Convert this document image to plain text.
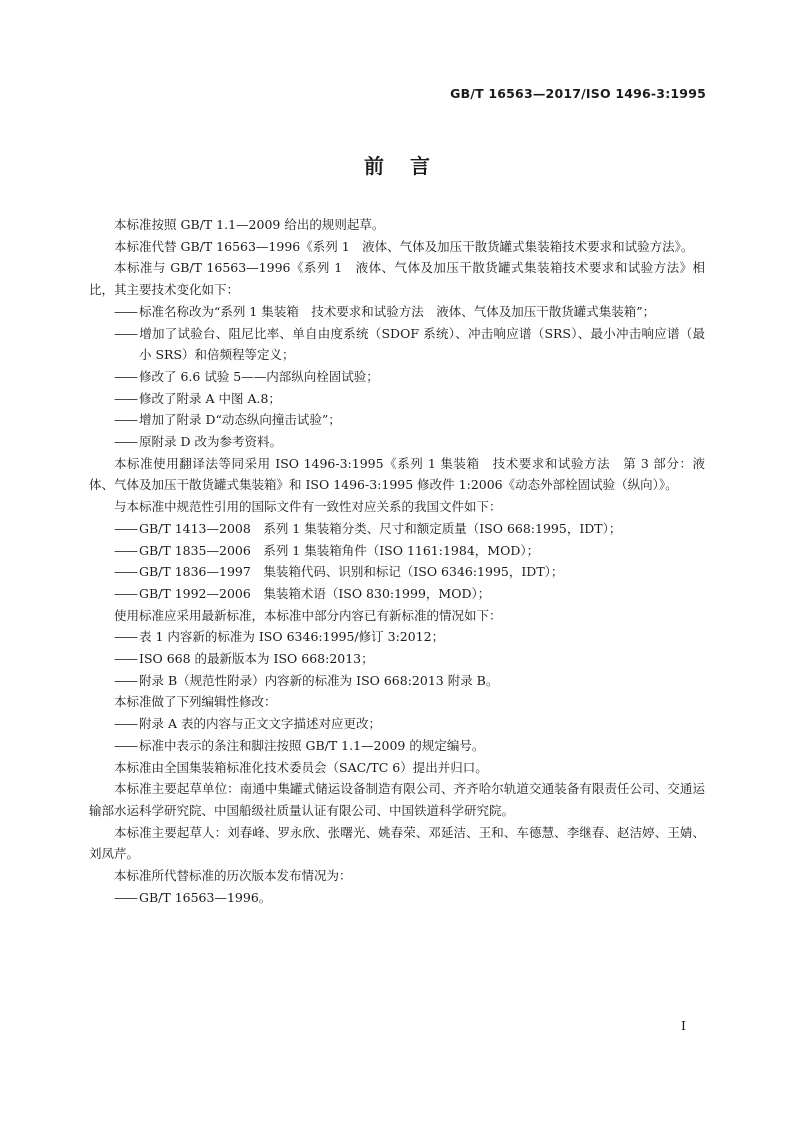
GB/T 16563—2017/ISO 1496-3:1995
前言

本标准按照 GB/T 1.1—2009 给出的规则起草。

本标准代替 GB/T 16563—1996《系列 1　液体、气体及加压干散货罐式集装箱技术要求和试验方法》。

本标准与 GB/T 16563—1996《系列 1　液体、气体及加压干散货罐式集装箱技术要求和试验方法》相比，其主要技术变化如下：

—— 标准名称改为“系列 1 集装箱　技术要求和试验方法　液体、气体及加压干散货罐式集装箱”；

—— 增加了试验台、阻尼比率、单自由度系统（SDOF 系统）、冲击响应谱（SRS）、最小冲击响应谱（最小 SRS）和倍频程等定义；

—— 修改了 6.6 试验 5——内部纵向栓固试验；

—— 修改了附录 A 中图 A.8；

—— 增加了附录 D“动态纵向撞击试验”；

—— 原附录 D 改为参考资料。

本标准使用翻译法等同采用 ISO 1496-3:1995《系列 1 集装箱　技术要求和试验方法　第 3 部分：液体、气体及加压干散货罐式集装箱》和 ISO 1496-3:1995 修改件 1:2006《动态外部栓固试验（纵向）》。

与本标准中规范性引用的国际文件有一致性对应关系的我国文件如下：

—— GB/T 1413—2008　系列 1 集装箱分类、尺寸和额定质量（ISO 668:1995，IDT）；

—— GB/T 1835—2006　系列 1 集装箱角件（ISO 1161:1984，MOD）；

—— GB/T 1836—1997　集装箱代码、识别和标记（ISO 6346:1995，IDT）；

—— GB/T 1992—2006　集装箱术语（ISO 830:1999，MOD）；

使用标准应采用最新标准，本标准中部分内容已有新标准的情况如下：

—— 表 1 内容新的标准为 ISO 6346:1995/修订 3:2012；

—— ISO 668 的最新版本为 ISO 668:2013；

—— 附录 B（规范性附录）内容新的标准为 ISO 668:2013 附录 B。

本标准做了下列编辑性修改：

—— 附录 A 表的内容与正文文字描述对应更改；

—— 标准中表示的条注和脚注按照 GB/T 1.1—2009 的规定编号。

本标准由全国集装箱标准化技术委员会（SAC/TC 6）提出并归口。

本标准主要起草单位：南通中集罐式储运设备制造有限公司、齐齐哈尔轨道交通装备有限责任公司、交通运输部水运科学研究院、中国船级社质量认证有限公司、中国铁道科学研究院。

本标准主要起草人：刘春峰、罗永欣、张曙光、姚春荣、邓延洁、王和、车德慧、李继春、赵洁婷、王婧、刘凤芹。

本标准所代替标准的历次版本发布情况为：

—— GB/T 16563—1996。

I
